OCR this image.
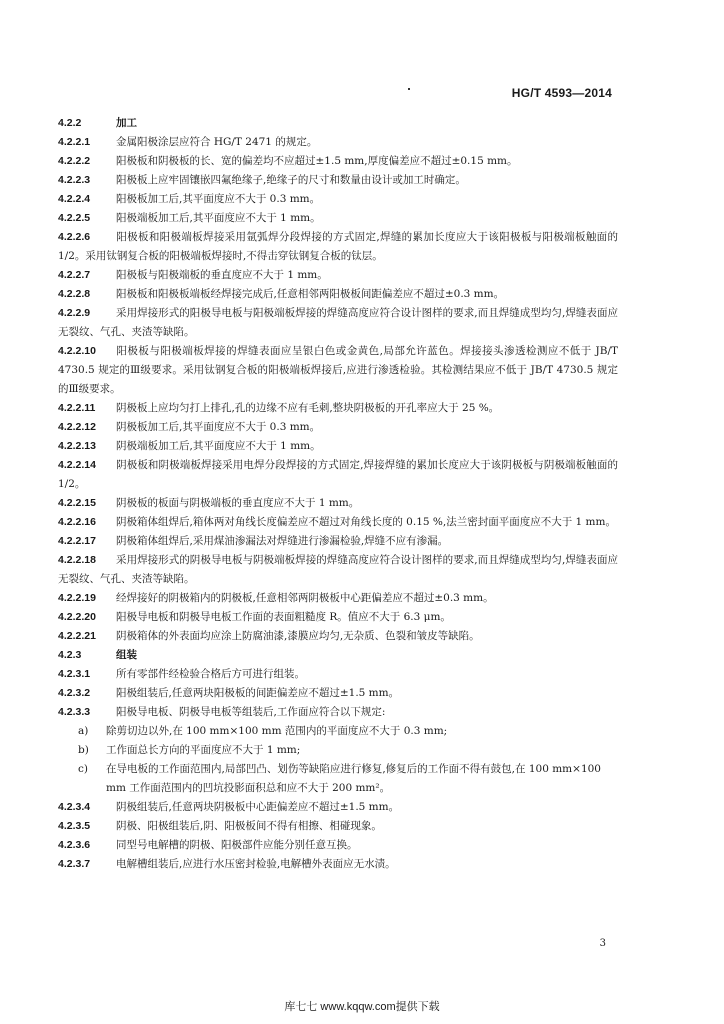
HG/T 4593—2014

4.2.2	加工

4.2.2.1 金属阳极涂层应符合 HG/T 2471 的规定。

4.2.2.2 阳极板和阴极板的长、宽的偏差均不应超过±1.5 mm,厚度偏差应不超过±0.15 mm。

4.2.2.3 阳极板上应牢固镶嵌四氟绝缘子,绝缘子的尺寸和数量由设计或加工时确定。

4.2.2.4 阳极板加工后,其平面度应不大于 0.3 mm。

4.2.2.5 阳极端板加工后,其平面度应不大于 1 mm。

4.2.2.6 阳极板和阳极端板焊接采用氩弧焊分段焊接的方式固定,焊缝的累加长度应大于该阳极板与阳极端板触面的 1/2。采用钛钢复合板的阳极端板焊接时,不得击穿钛钢复合板的钛层。

4.2.2.7 阳极板与阳极端板的垂直度应不大于 1 mm。

4.2.2.8 阳极板和阳极板端板经焊接完成后,任意相邻两阳极板间距偏差应不超过±0.3 mm。

4.2.2.9 采用焊接形式的阳极导电板与阳极端板焊接的焊缝高度应符合设计图样的要求,而且焊缝成型均匀,焊缝表面应无裂纹、气孔、夹渣等缺陷。

4.2.2.10 阳极板与阳极端板焊接的焊缝表面应呈银白色或金黄色,局部允许蓝色。焊接接头渗透检测应不低于 JB/T 4730.5 规定的Ⅲ级要求。采用钛钢复合板的阳极端板焊接后,应进行渗透检验。其检测结果应不低于 JB/T 4730.5 规定的Ⅲ级要求。

4.2.2.11 阴极板上应均匀打上排孔,孔的边缘不应有毛刺,整块阴极板的开孔率应大于 25 %。

4.2.2.12 阴极板加工后,其平面度应不大于 0.3 mm。

4.2.2.13 阴极端板加工后,其平面度应不大于 1 mm。

4.2.2.14 阴极板和阴极端板焊接采用电焊分段焊接的方式固定,焊接焊缝的累加长度应大于该阴极板与阴极端板触面的 1/2。

4.2.2.15 阴极板的板面与阴极端板的垂直度应不大于 1 mm。

4.2.2.16 阴极箱体组焊后,箱体两对角线长度偏差应不超过对角线长度的 0.15 %,法兰密封面平面度应不大于 1 mm。

4.2.2.17 阴极箱体组焊后,采用煤油渗漏法对焊缝进行渗漏检验,焊缝不应有渗漏。

4.2.2.18 采用焊接形式的阴极导电板与阴极端板焊接的焊缝高度应符合设计图样的要求,而且焊缝成型均匀,焊缝表面应无裂纹、气孔、夹渣等缺陷。

4.2.2.19 经焊接好的阴极箱内的阴极板,任意相邻两阴极板中心距偏差应不超过±0.3 mm。

4.2.2.20 阳极导电板和阴极导电板工作面的表面粗糙度 R。值应不大于 6.3 μm。

4.2.2.21 阴极箱体的外表面均应涂上防腐油漆,漆膜应均匀,无杂质、色裂和皱皮等缺陷。

4.2.3	组装

4.2.3.1 所有零部件经检验合格后方可进行组装。

4.2.3.2 阳极组装后,任意两块阳极板的间距偏差应不超过±1.5 mm。

4.2.3.3 阳极导电板、阴极导电板等组装后,工作面应符合以下规定:

a)	除剪切边以外,在 100 mm×100 mm 范围内的平面度应不大于 0.3 mm;

b)	工作面总长方向的平面度应不大于 1 mm;

c)	在导电板的工作面范围内,局部凹凸、划伤等缺陷应进行修复,修复后的工作面不得有鼓包,在 100 mm×100 mm 工作面范围内的凹坑投影面积总和应不大于 200 mm²。

4.2.3.4 阴极组装后,任意两块阴极板中心距偏差应不超过±1.5 mm。

4.2.3.5 阴极、阳极组装后,阴、阳极板间不得有相擦、相碰现象。

4.2.3.6 同型号电解槽的阴极、阳极部件应能分别任意互换。

4.2.3.7 电解槽组装后,应进行水压密封检验,电解槽外表面应无水渍。

3
库七七 www.kqqw.com提供下载
